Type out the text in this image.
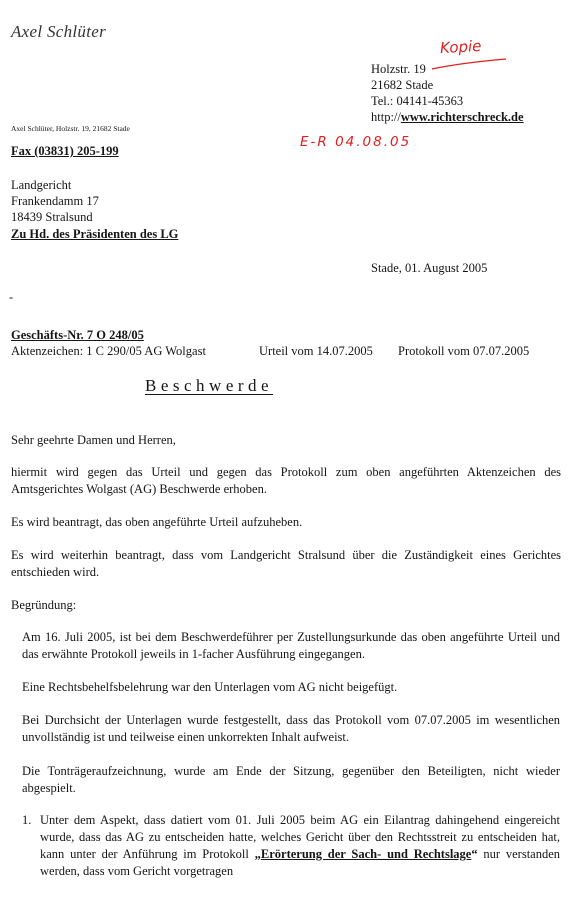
Axel Schlüter
Kopie
Holzstr. 19
21682 Stade
Tel.: 04141-45363
http://www.richterschreck.de
Axel Schlüter, Holzstr. 19, 21682 Stade
E-R 04.08.05
Fax (03831) 205-199
Landgericht
Frankendamm 17
18439 Stralsund
Zu Hd. des Präsidenten des LG
Stade, 01. August 2005
-
Geschäfts-Nr. 7 O 248/05
Aktenzeichen: 1 C 290/05 AG Wolgast	Urteil vom 14.07.2005 Protokoll vom 07.07.2005
Beschwerde
Sehr geehrte Damen und Herren,
hiermit wird gegen das Urteil und gegen das Protokoll zum oben angeführten Aktenzeichen des Amtsgerichtes Wolgast (AG) Beschwerde erhoben.
Es wird beantragt, das oben angeführte Urteil aufzuheben.
Es wird weiterhin beantragt, dass vom Landgericht Stralsund über die Zuständigkeit eines Gerichtes entschieden wird.
Begründung:
Am 16. Juli 2005, ist bei dem Beschwerdeführer per Zustellungsurkunde das oben angeführte Urteil und das erwähnte Protokoll jeweils in 1-facher Ausführung eingegangen.
Eine Rechtsbehelfsbelehrung war den Unterlagen vom AG nicht beigefügt.
Bei Durchsicht der Unterlagen wurde festgestellt, dass das Protokoll vom 07.07.2005 im wesentlichen unvollständig ist und teilweise einen unkorrekten Inhalt aufweist.
Die Tonträgeraufzeichnung, wurde am Ende der Sitzung, gegenüber den Beteiligten, nicht wieder abgespielt.
1. Unter dem Aspekt, dass datiert vom 01. Juli 2005 beim AG ein Eilantrag dahingehend eingereicht wurde, dass das AG zu entscheiden hatte, welches Gericht über den Rechtsstreit zu entscheiden hat, kann unter der Anführung im Protokoll „Erörterung der Sach- und Rechtslage“ nur verstanden werden, dass vom Gericht vorgetragen
